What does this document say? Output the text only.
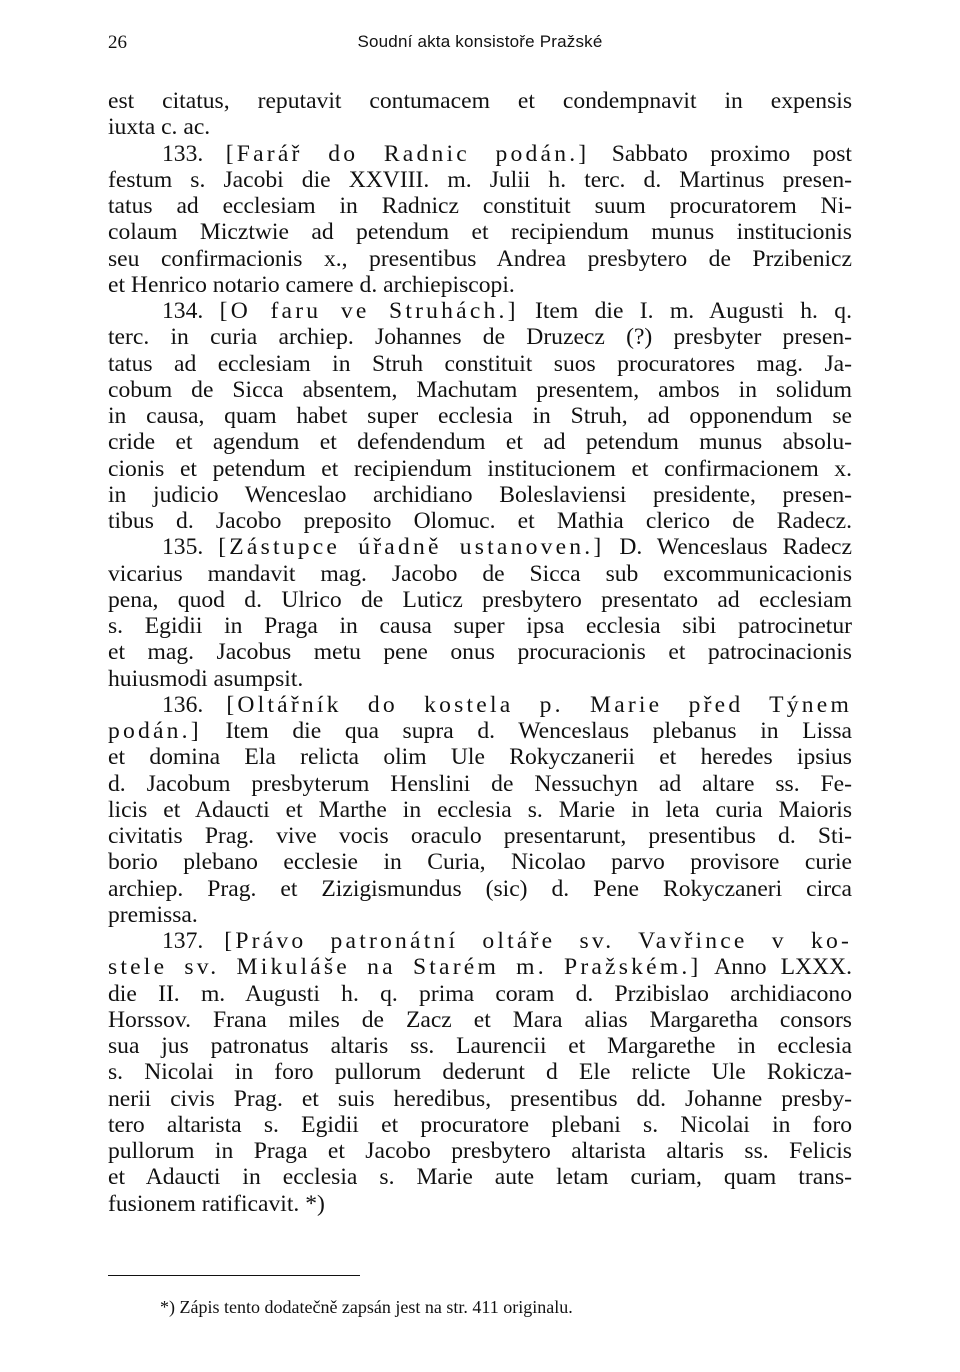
26	Soudní akta konsistoře Pražské
est citatus, reputavit contumacem et condempnavit in expensis
iuxta c. ac.
133. [Farář do Radnic podán.] Sabbato proximo post
festum s. Jacobi die XXVIII. m. Julii h. terc. d. Martinus presen-
tatus ad ecclesiam in Radnicz constituit suum procuratorem Ni-
colaum Micztwie ad petendum et recipiendum munus institucionis
seu confirmacionis x., presentibus Andrea presbytero de Przibenicz
et Henrico notario camere d. archiepiscopi.
134. [O faru ve Struhách.] Item die I. m. Augusti h. q.
terc. in curia archiep. Johannes de Druzecz (?) presbyter presen-
tatus ad ecclesiam in Struh constituit suos procuratores mag. Ja-
cobum de Sicca absentem, Machutam presentem, ambos in solidum
in causa, quam habet super ecclesia in Struh, ad opponendum se
cride et agendum et defendendum et ad petendum munus absolu-
cionis et petendum et recipiendum institucionem et confirmacionem x.
in judicio Wenceslao archidiano Boleslaviensi presidente, presen-
tibus d. Jacobo preposito Olomuc. et Mathia clerico de Radecz.
135. [Zástupce úřadně ustanoven.] D. Wenceslaus Radecz
vicarius mandavit mag. Jacobo de Sicca sub excommunicacionis
pena, quod d. Ulrico de Luticz presbytero presentato ad ecclesiam
s. Egidii in Praga in causa super ipsa ecclesia sibi patrocinetur
et mag. Jacobus metu pene onus procuracionis et patrocinacionis
huiusmodi asumpsit.
136. [Oltářník do kostela p. Marie před Týnem
podán.] Item die qua supra d. Wenceslaus plebanus in Lissa
et domina Ela relicta olim Ule Rokyczanerii et heredes ipsius
d. Jacobum presbyterum Henslini de Nessuchyn ad altare ss. Fe-
licis et Adaucti et Marthe in ecclesia s. Marie in leta curia Maioris
civitatis Prag. vive vocis oraculo presentarunt, presentibus d. Sti-
borio plebano ecclesie in Curia, Nicolao parvo provisore curie
archiep. Prag. et Zizigismundus (sic) d. Pene Rokyczaneri circa
premissa.
137. [Právo patronátní oltáře sv. Vavřince v ko-
stele sv. Mikuláše na Starém m. Pražském.] Anno LXXX.
die II. m. Augusti h. q. prima coram d. Przibislao archidiacono
Horssov. Frana miles de Zacz et Mara alias Margaretha consors
sua jus patronatus altaris ss. Laurencii et Margarethe in ecclesia
s. Nicolai in foro pullorum dederunt d Ele relicte Ule Rokicza-
nerii civis Prag. et suis heredibus, presentibus dd. Johanne presby-
tero altarista s. Egidii et procuratore plebani s. Nicolai in foro
pullorum in Praga et Jacobo presbytero altarista altaris ss. Felicis
et Adaucti in ecclesia s. Marie aute letam curiam, quam trans-
fusionem ratificavit. *)
*) Zápis tento dodatečně zapsán jest na str. 411 originalu.
